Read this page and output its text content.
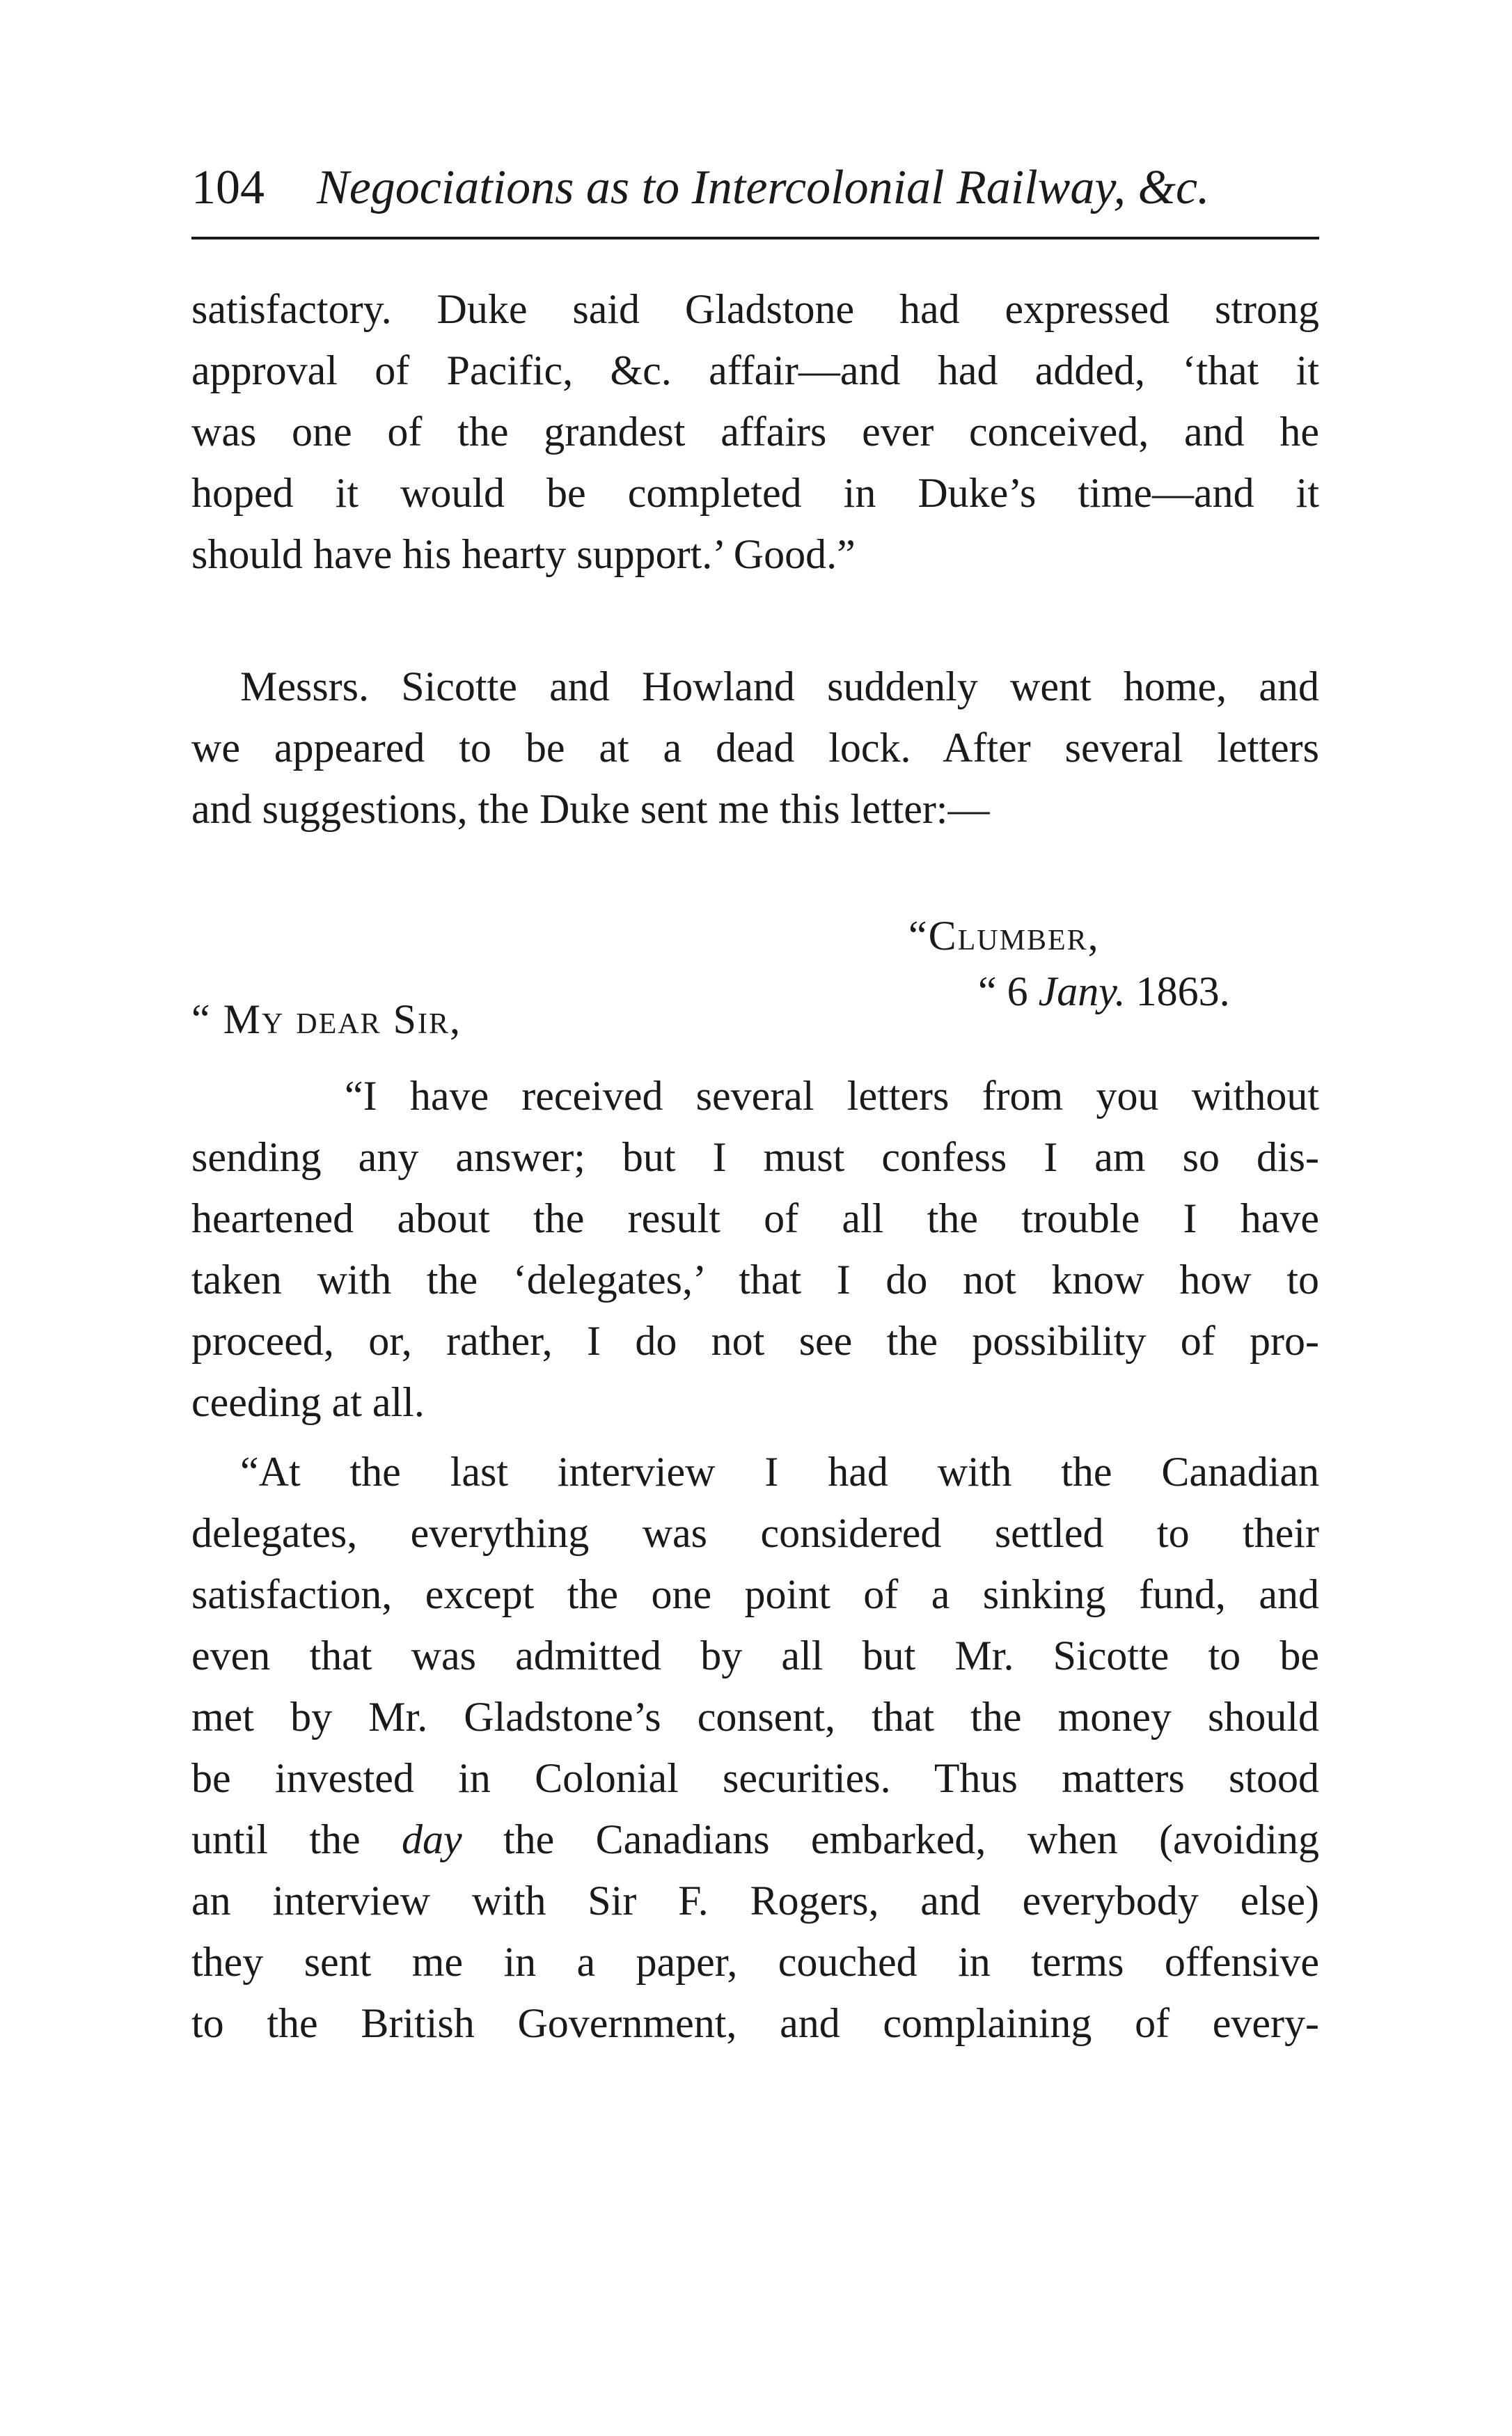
104 Negociations as to Intercolonial Railway, &c.
satisfactory. Duke said Gladstone had expressed strong
approval of Pacific, &c. affair—and had added, ‘that it
was one of the grandest affairs ever conceived, and he
hoped it would be completed in Duke’s time—and it
should have his hearty support.’ Good.”
Messrs. Sicotte and Howland suddenly went home, and
we appeared to be at a dead lock. After several letters
and suggestions, the Duke sent me this letter:—
“Clumber,
“ 6 Jany. 1863.
“ My dear Sir,
“I have received several letters from you without
sending any answer; but I must confess I am so dis-
heartened about the result of all the trouble I have
taken with the ‘delegates,’ that I do not know how to
proceed, or, rather, I do not see the possibility of pro-
ceeding at all.
“At the last interview I had with the Canadian
delegates, everything was considered settled to their
satisfaction, except the one point of a sinking fund, and
even that was admitted by all but Mr. Sicotte to be
met by Mr. Gladstone’s consent, that the money should
be invested in Colonial securities. Thus matters stood
until the day the Canadians embarked, when (avoiding
an interview with Sir F. Rogers, and everybody else)
they sent me in a paper, couched in terms offensive
to the British Government, and complaining of every-
